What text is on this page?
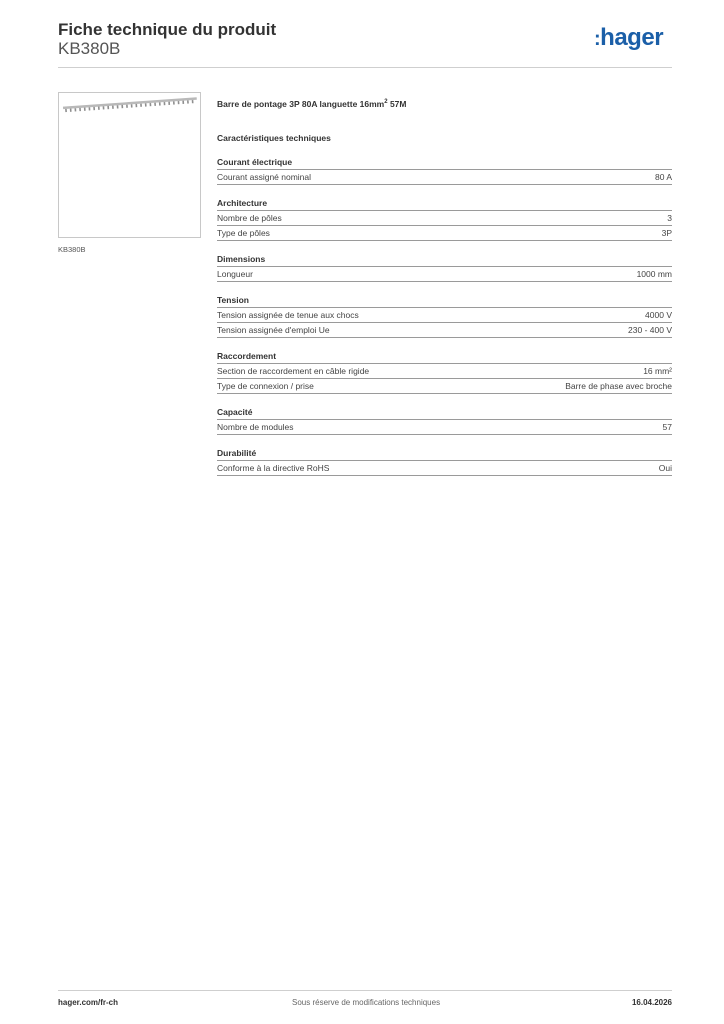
Fiche technique du produit
KB380B	:hager
KB380B
Barre de pontage 3P 80A languette $16mm^2$ 57M
Caractéristiques techniques
Courant électrique
Courant assigné nominal	80 A
Architecture
Nombre de pôles	3
Type de pôles	3P
Dimensions
Longueur	1000 mm
Tension
Tension assignée de tenue aux chocs	4000 V
Tension assignée d'emploi Ue	230 - 400 V
Raccordement
Section de raccordement en câble rigide	16 mm²
Type de connexion / prise	Barre de phase avec broche
Capacité
Nombre de modules	57
Durabilité
Conforme à la directive RoHS	Oui
hager.com/fr-ch	Sous réserve de modifications techniques	16.04.2026
